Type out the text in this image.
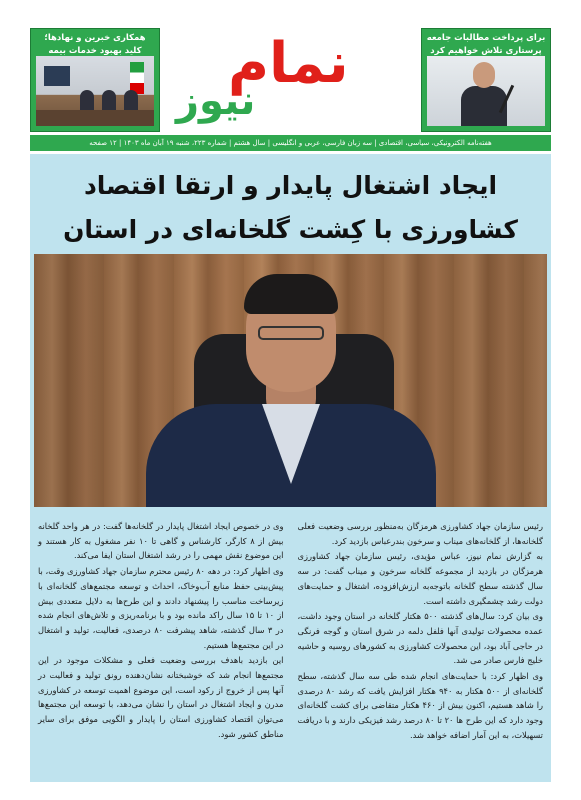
همکاری خبرین و نهادها؛ کلید بهبود خدمات بیمه	نمام
نیوز
برای پرداخت مطالبات جامعه پرستاری تلاش خواهیم کرد
هفته‌نامه الکترونیکی، سیاسی، اقتصادی | سه زبان فارسی، عربی و انگلیسی | سال هشتم | شماره ۲۲۳، شنبه ۱۹ آبان ماه ۱۴۰۳ | ۱۲ صفحه
ایجاد اشتغال پایدار و ارتقا اقتصاد کشاورزی با کِشت گلخانه‌ای در استان

رئیس سازمان جهاد کشاورزی هرمزگان به‌منظور بررسی وضعیت فعلی گلخانه‌ها، از گلخانه‌های میناب و سرخون بندرعباس بازدید کرد.

به گزارش نمام نیوز، عباس مؤیدی، رئیس سازمان جهاد کشاورزی هرمزگان در بازدید از مجموعه گلخانه سرخون و میناب گفت: در سه سال گذشته سطح گلخانه باتوجه‌به ارزش‌افزوده، اشتغال و حمایت‌های دولت رشد چشمگیری داشته است.

وی بیان کرد: سال‌های گذشته ۵۰۰ هکتار گلخانه در استان وجود داشت، عمده محصولات تولیدی آنها فلفل دلمه در شرق استان و گوجه فرنگی در حاجی آباد بود، این محصولات کشاورزی به کشورهای روسیه و حاشیه خلیج فارس صادر می شد.

وی اظهار کرد: با حمایت‌های انجام شده طی سه سال گذشته، سطح گلخانه‌ای از ۵۰۰ هکتار به ۹۴۰ هکتار افزایش یافت که رشد ۸۰ درصدی را شاهد هستیم، اکنون بیش از ۴۶۰ هکتار متقاضی برای کشت گلخانه‌ای وجود دارد که این طرح ها ۲۰ تا ۸۰ درصد رشد فیزیکی دارند و با دریافت تسهیلات، به این آمار اضافه خواهد شد.

وی در خصوص ایجاد اشتغال پایدار در گلخانه‌ها گفت: در هر واحد گلخانه بیش از ۸ کارگر، کارشناس و گاهی تا ۱۰ نفر مشغول به کار هستند و این موضوع نقش مهمی را در رشد اشتغال استان ایفا می‌کند.

وی اظهار کرد: در دهه ۸۰ رئیس محترم سازمان جهاد کشاورزی وقت، با پیش‌بینی حفظ منابع آب‌وخاک، احداث و توسعه مجتمع‌های گلخانه‌ای با زیرساخت مناسب را پیشنهاد دادند و این طرح‌ها به دلایل متعددی بیش از ۱۰ تا ۱۵ سال راکد مانده بود و با برنامه‌ریزی و تلاش‌های انجام شده در ۳ سال گذشته، شاهد پیشرفت ۸۰ درصدی، فعالیت، تولید و اشتغال در این مجتمع‌ها هستیم.

این بازدید باهدف بررسی وضعیت فعلی و مشکلات موجود در این مجتمع‌ها انجام شد که خوشبختانه نشان‌دهنده رونق تولید و فعالیت در آنها پس از خروج از رکود است، این موضوع اهمیت توسعه در کشاورزی مدرن و ایجاد اشتغال در استان را نشان می‌دهد، با توسعه این مجتمع‌ها می‌توان اقتصاد کشاورزی استان را پایدار و الگویی موفق برای سایر مناطق کشور شود.
